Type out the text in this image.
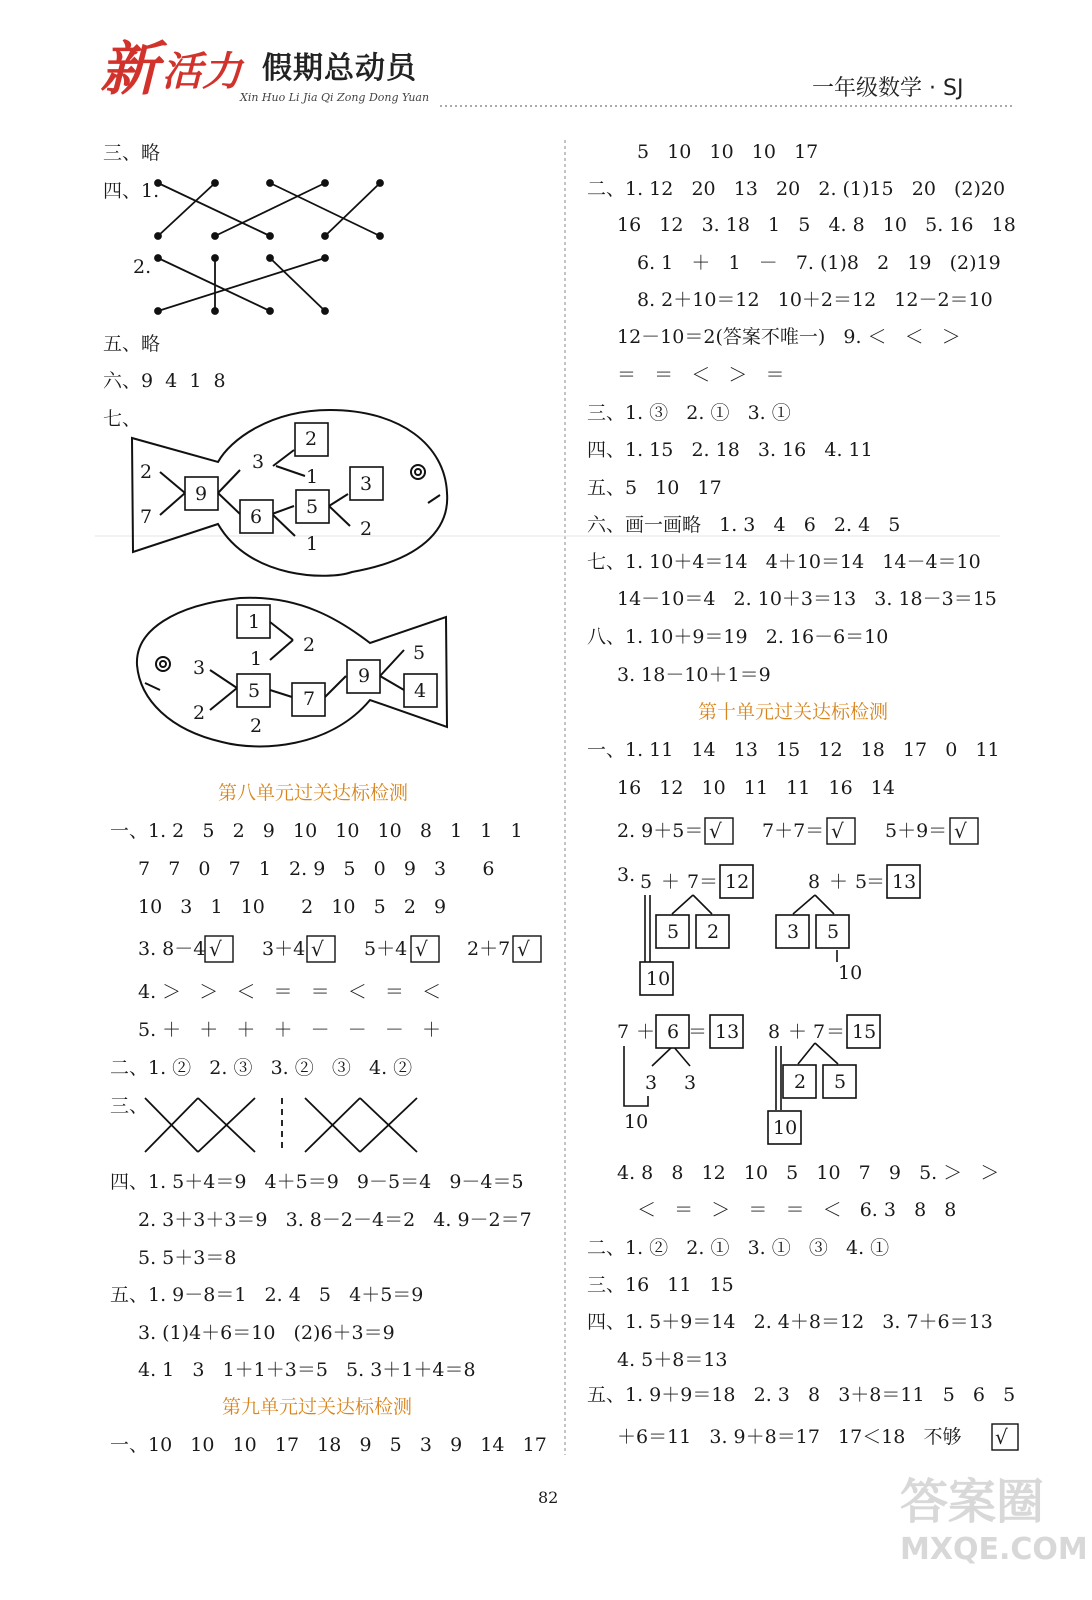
新 活力 假期总动员
Xin Huo Li Jia Qi Zong Dong Yuan	一年级数学 · SJ
三、略
四、1.
2.
五、略
六、9  4  1  8
七、
2
7
9
3
2
1
6 5
3
2
1
1
2
3 1
5
2
7
2
9
5
4
第八单元过关达标检测
一、1. 2   5   2   9   10   10   10   8   1   1   1
7   7   0   7   1   2. 9   5   0   9   3      6
10   3   1   10      2   10   5   2   9
3. 8－4 √ 3＋4 √ 5＋4 √ 2＋7 √
4. ＞   ＞   ＜   ＝   ＝   ＜   ＝   ＜
5. ＋   ＋   ＋   ＋   －   －   －   ＋
二、1. ②   2. ③   3. ②   ③   4. ②
三、
四、1. 5＋4＝9   4＋5＝9   9－5＝4   9－4＝5
2. 3＋3＋3＝9   3. 8－2－4＝2   4. 9－2＝7
5. 5＋3＝8
五、1. 9－8＝1   2. 4   5   4＋5＝9
3. (1)4＋6＝10   (2)6＋3＝9
4. 1   3   1＋1＋3＝5   5. 3＋1＋4＝8
第九单元过关达标检测
一、10   10   10   17   18   9   5   3   9   14   17
5   10   10   10   17
二、1. 12   20   13   20   2. (1)15   20   (2)20
16   12   3. 18   1   5   4. 8   10   5. 16   18
6. 1   ＋   1   －   7. (1)8   2   19   (2)19
8. 2＋10＝12   10＋2＝12   12－2＝10
12－10＝2(答案不唯一)   9. ＜   ＜   ＞
＝   ＝   ＜   ＞   ＝
三、1. ③   2. ①   3. ①
四、1. 15   2. 18   3. 16   4. 11
五、5   10   17
六、画一画略   1. 3   4   6   2. 4   5
七、1. 10＋4＝14   4＋10＝14   14－4＝10
14－10＝4   2. 10＋3＝13   3. 18－3＝15
八、1. 10＋9＝19   2. 16－6＝10
3. 18－10＋1＝9
第十单元过关达标检测
一、1. 11   14   13   15   12   18   17   0   11
16   12   10   11   11   16   14
2. 9＋5＝ √ 7＋7＝ √ 5＋9＝ √
3. 5 ＋ 7 ＝ 12
5 2
10
8 ＋ 5
＝ 13
3 5
10
7 ＋ 6 ＝ 13
3 3
10
8 ＋ 7 ＝ 15
2 5
10
4. 8   8   12   10   5   10   7   9   5. ＞   ＞
＜   ＝   ＞   ＝   ＝   ＜   6. 3   8   8
二、1. ②   2. ①   3. ①   ③   4. ①
三、16   11   15
四、1. 5＋9＝14   2. 4＋8＝12   3. 7＋6＝13
4. 5＋8＝13
五、1. 9＋9＝18   2. 3   8   3＋8＝11   5   6   5
＋6＝11   3. 9＋8＝17   17＜18   不够 √
82	答案圈
MXQE.COM
